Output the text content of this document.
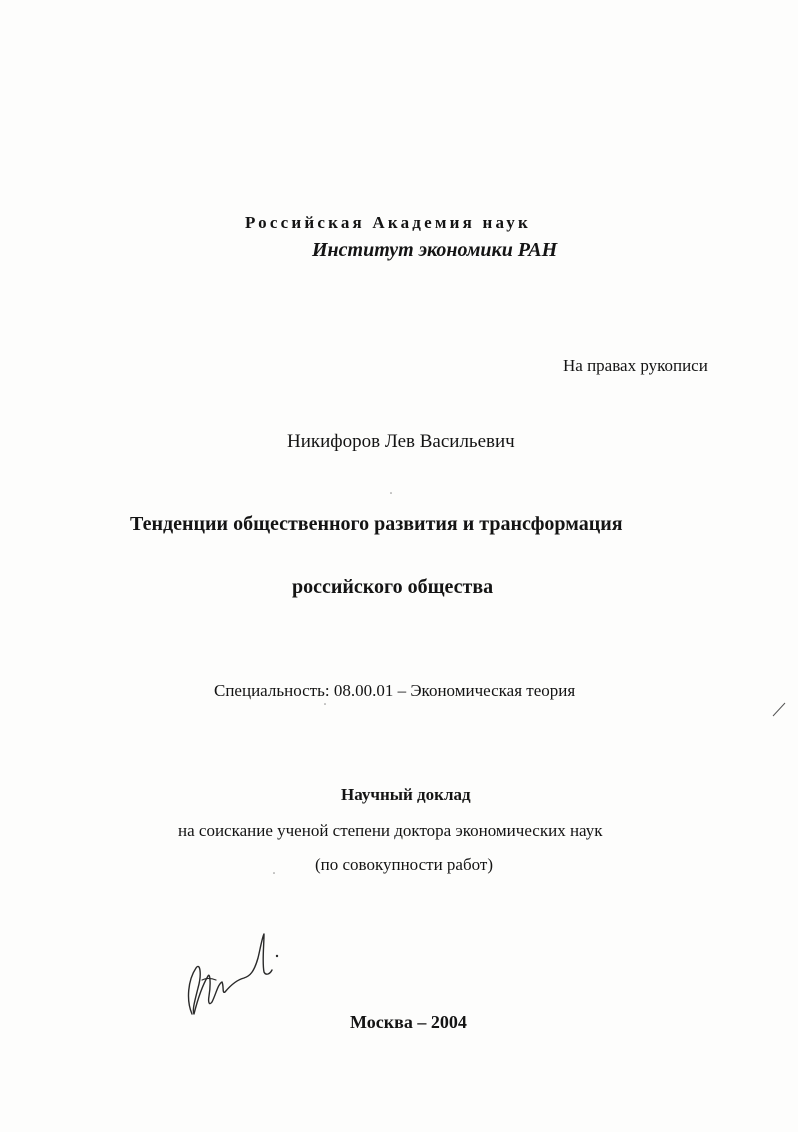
Российская Академия наук
Институт экономики РАН
На правах рукописи
Никифоров Лев Васильевич
Тенденции общественного развития и трансформация
российского общества
Специальность: 08.00.01 – Экономическая теория
Научный доклад
на соискание ученой степени доктора экономических наук
(по совокупности работ)
Москва – 2004
